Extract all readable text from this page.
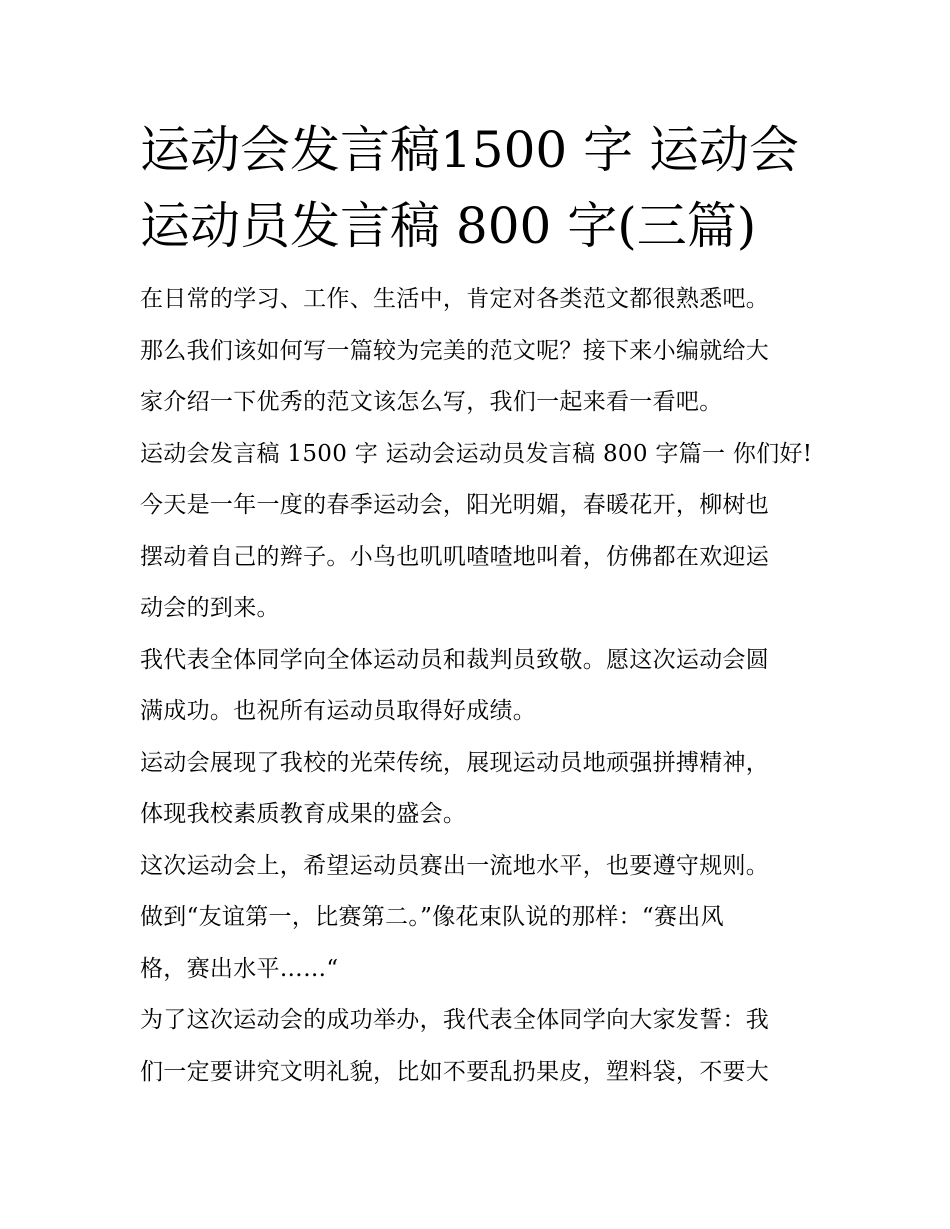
运动会发言稿1500 字 运动会
运动员发言稿 800 字(三篇)
在日常的学习、工作、生活中，肯定对各类范文都很熟悉吧。
那么我们该如何写一篇较为完美的范文呢？接下来小编就给大
家介绍一下优秀的范文该怎么写，我们一起来看一看吧。
运动会发言稿 1500 字 运动会运动员发言稿 800 字篇一 你们好!
今天是一年一度的春季运动会，阳光明媚，春暖花开，柳树也
摆动着自己的辫子。小鸟也叽叽喳喳地叫着，仿佛都在欢迎运
动会的到来。
我代表全体同学向全体运动员和裁判员致敬。愿这次运动会圆
满成功。也祝所有运动员取得好成绩。
运动会展现了我校的光荣传统，展现运动员地顽强拼搏精神，
体现我校素质教育成果的盛会。
这次运动会上，希望运动员赛出一流地水平，也要遵守规则。
做到“友谊第一，比赛第二。”像花束队说的那样：“赛出风
格，赛出水平……“
为了这次运动会的成功举办，我代表全体同学向大家发誓：我
们一定要讲究文明礼貌，比如不要乱扔果皮，塑料袋，不要大
